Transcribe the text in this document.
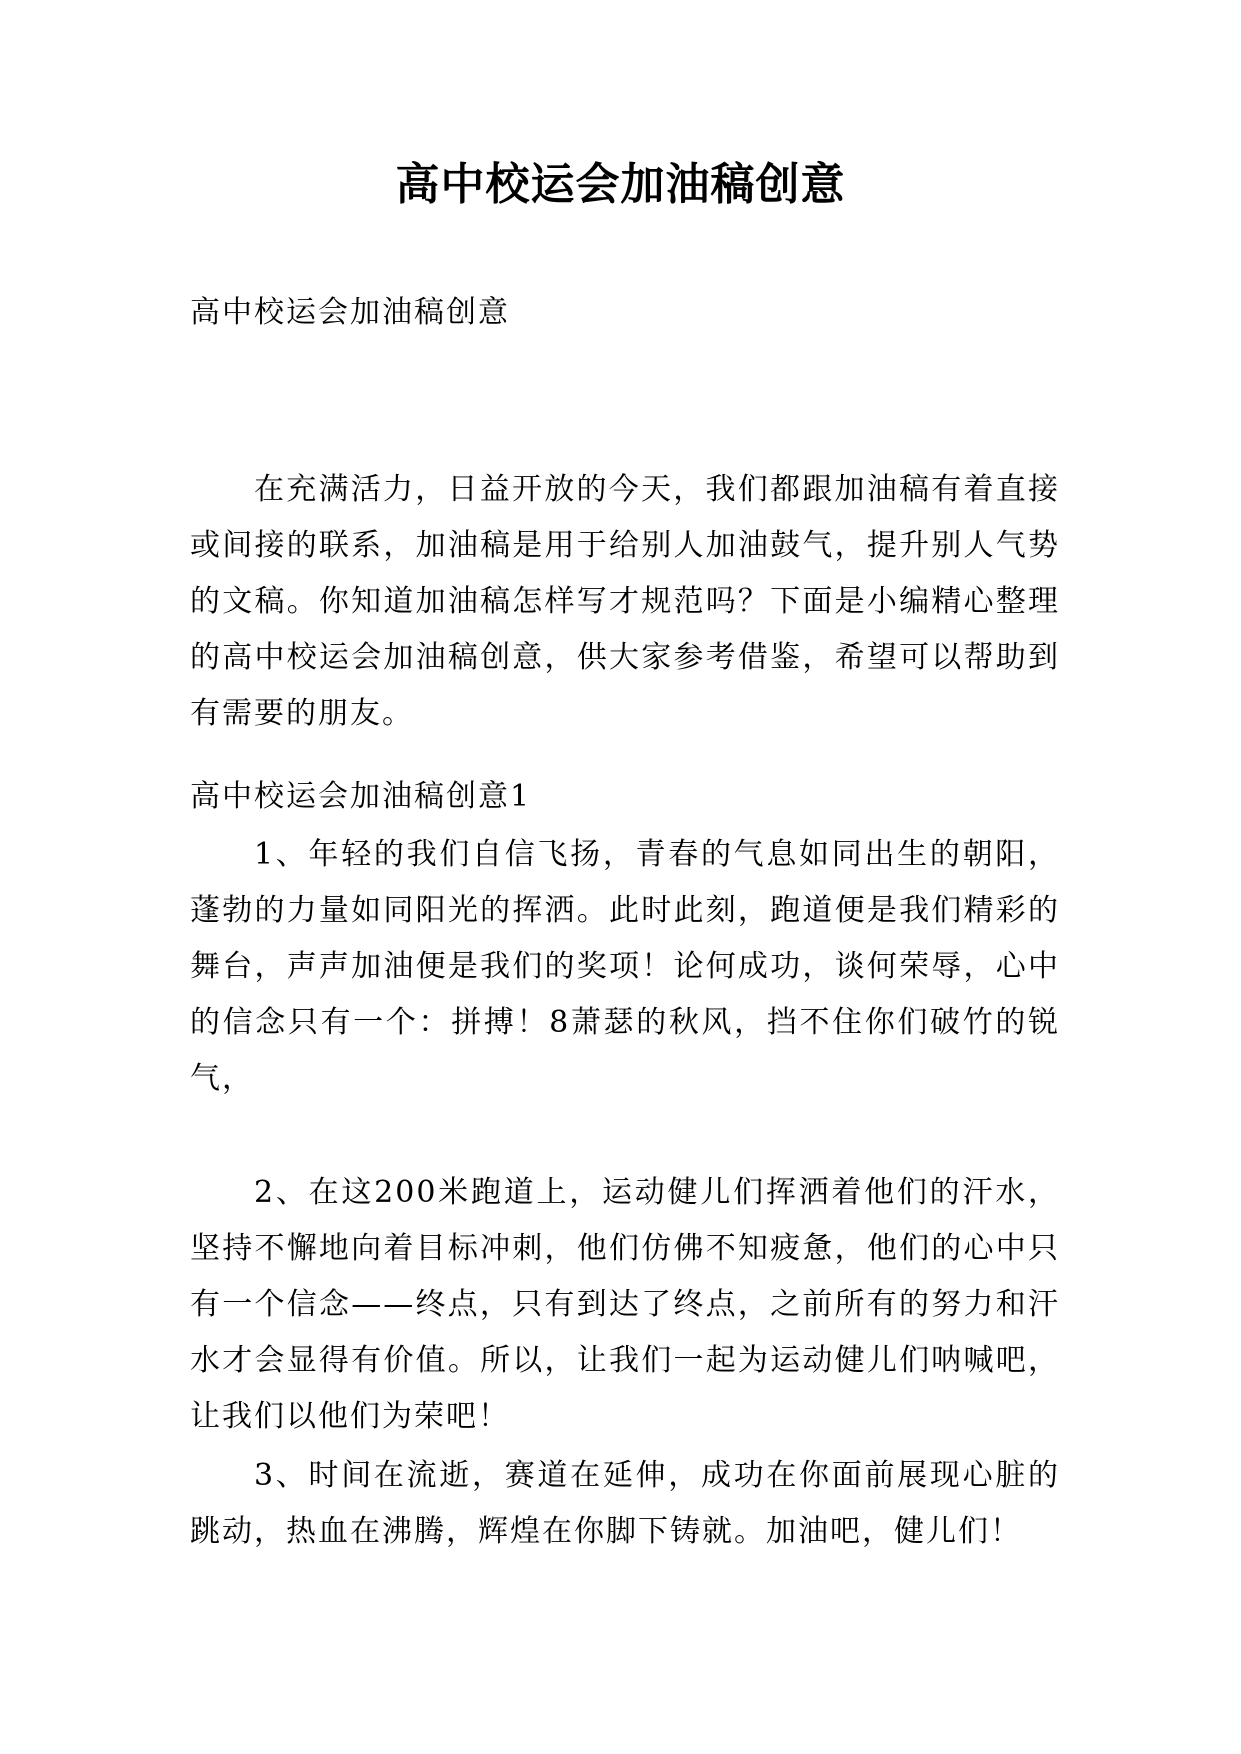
高中校运会加油稿创意
高中校运会加油稿创意

在充满活力，日益开放的今天，我们都跟加油稿有着直接或间接的联系，加油稿是用于给别人加油鼓气，提升别人气势的文稿。你知道加油稿怎样写才规范吗？下面是小编精心整理的高中校运会加油稿创意，供大家参考借鉴，希望可以帮助到有需要的朋友。

高中校运会加油稿创意1

1、年轻的我们自信飞扬，青春的气息如同出生的朝阳，蓬勃的力量如同阳光的挥洒。此时此刻，跑道便是我们精彩的舞台，声声加油便是我们的奖项！论何成功，谈何荣辱，心中的信念只有一个：拼搏！8萧瑟的秋风，挡不住你们破竹的锐气，

2、在这200米跑道上，运动健儿们挥洒着他们的汗水，坚持不懈地向着目标冲刺，他们仿佛不知疲惫，他们的心中只有一个信念——终点，只有到达了终点，之前所有的努力和汗水才会显得有价值。所以，让我们一起为运动健儿们呐喊吧，让我们以他们为荣吧！

3、时间在流逝，赛道在延伸，成功在你面前展现心脏的跳动，热血在沸腾，辉煌在你脚下铸就。加油吧，健儿们！
